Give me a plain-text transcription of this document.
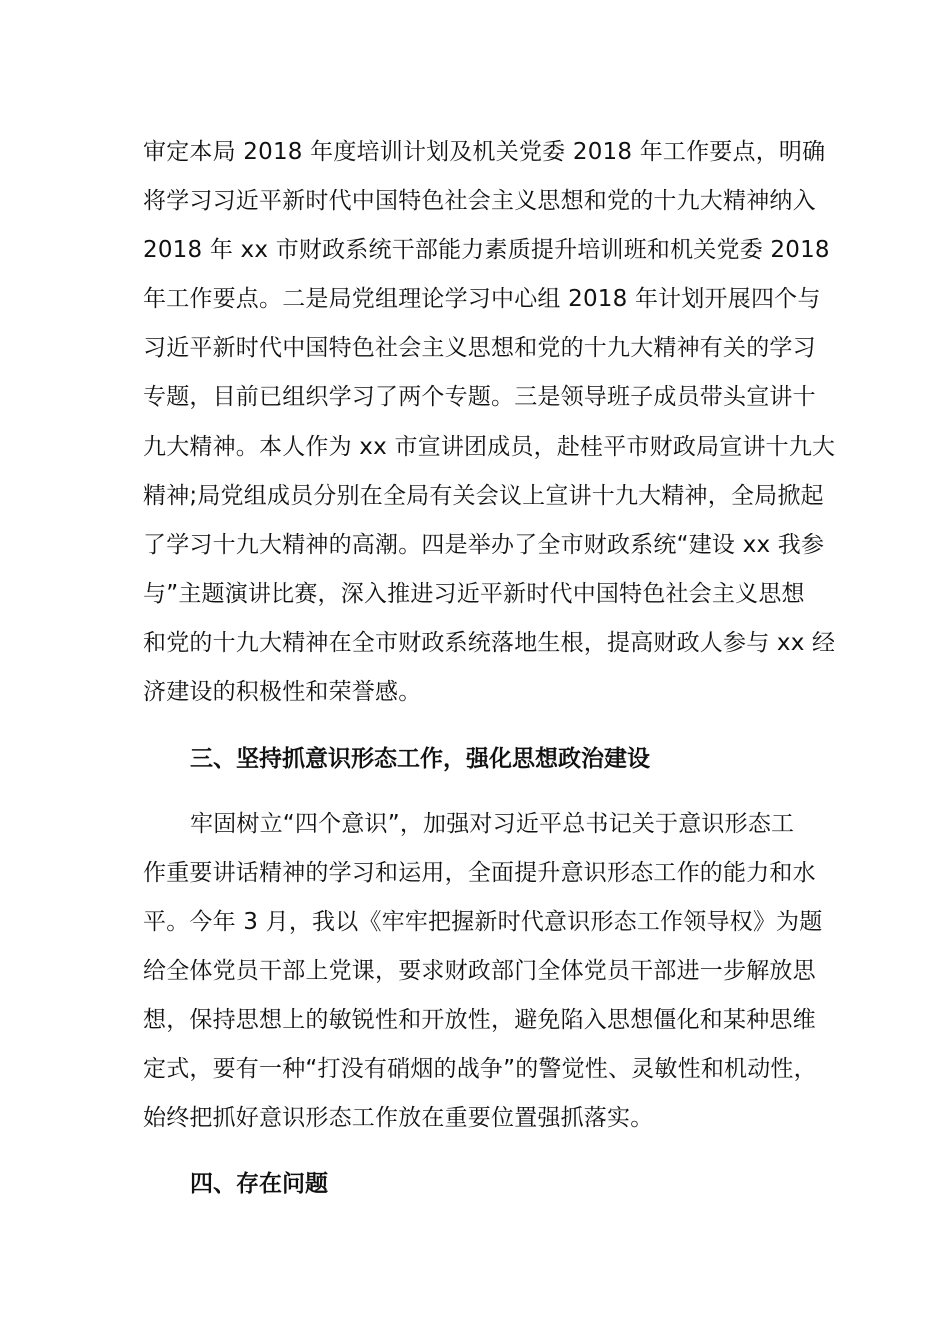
审定本局 2018 年度培训计划及机关党委 2018 年工作要点，明确
将学习习近平新时代中国特色社会主义思想和党的十九大精神纳入
2018 年 xx 市财政系统干部能力素质提升培训班和机关党委 2018
年工作要点。二是局党组理论学习中心组 2018 年计划开展四个与
习近平新时代中国特色社会主义思想和党的十九大精神有关的学习
专题，目前已组织学习了两个专题。三是领导班子成员带头宣讲十
九大精神。本人作为 xx 市宣讲团成员，赴桂平市财政局宣讲十九大
精神;局党组成员分别在全局有关会议上宣讲十九大精神，全局掀起
了学习十九大精神的高潮。四是举办了全市财政系统“建设 xx 我参
与”主题演讲比赛，深入推进习近平新时代中国特色社会主义思想
和党的十九大精神在全市财政系统落地生根，提高财政人参与 xx 经
济建设的积极性和荣誉感。
三、坚持抓意识形态工作，强化思想政治建设
牢固树立“四个意识”，加强对习近平总书记关于意识形态工
作重要讲话精神的学习和运用，全面提升意识形态工作的能力和水
平。今年 3 月，我以《牢牢把握新时代意识形态工作领导权》为题
给全体党员干部上党课，要求财政部门全体党员干部进一步解放思
想，保持思想上的敏锐性和开放性，避免陷入思想僵化和某种思维
定式，要有一种“打没有硝烟的战争”的警觉性、灵敏性和机动性，
始终把抓好意识形态工作放在重要位置强抓落实。
四、存在问题
